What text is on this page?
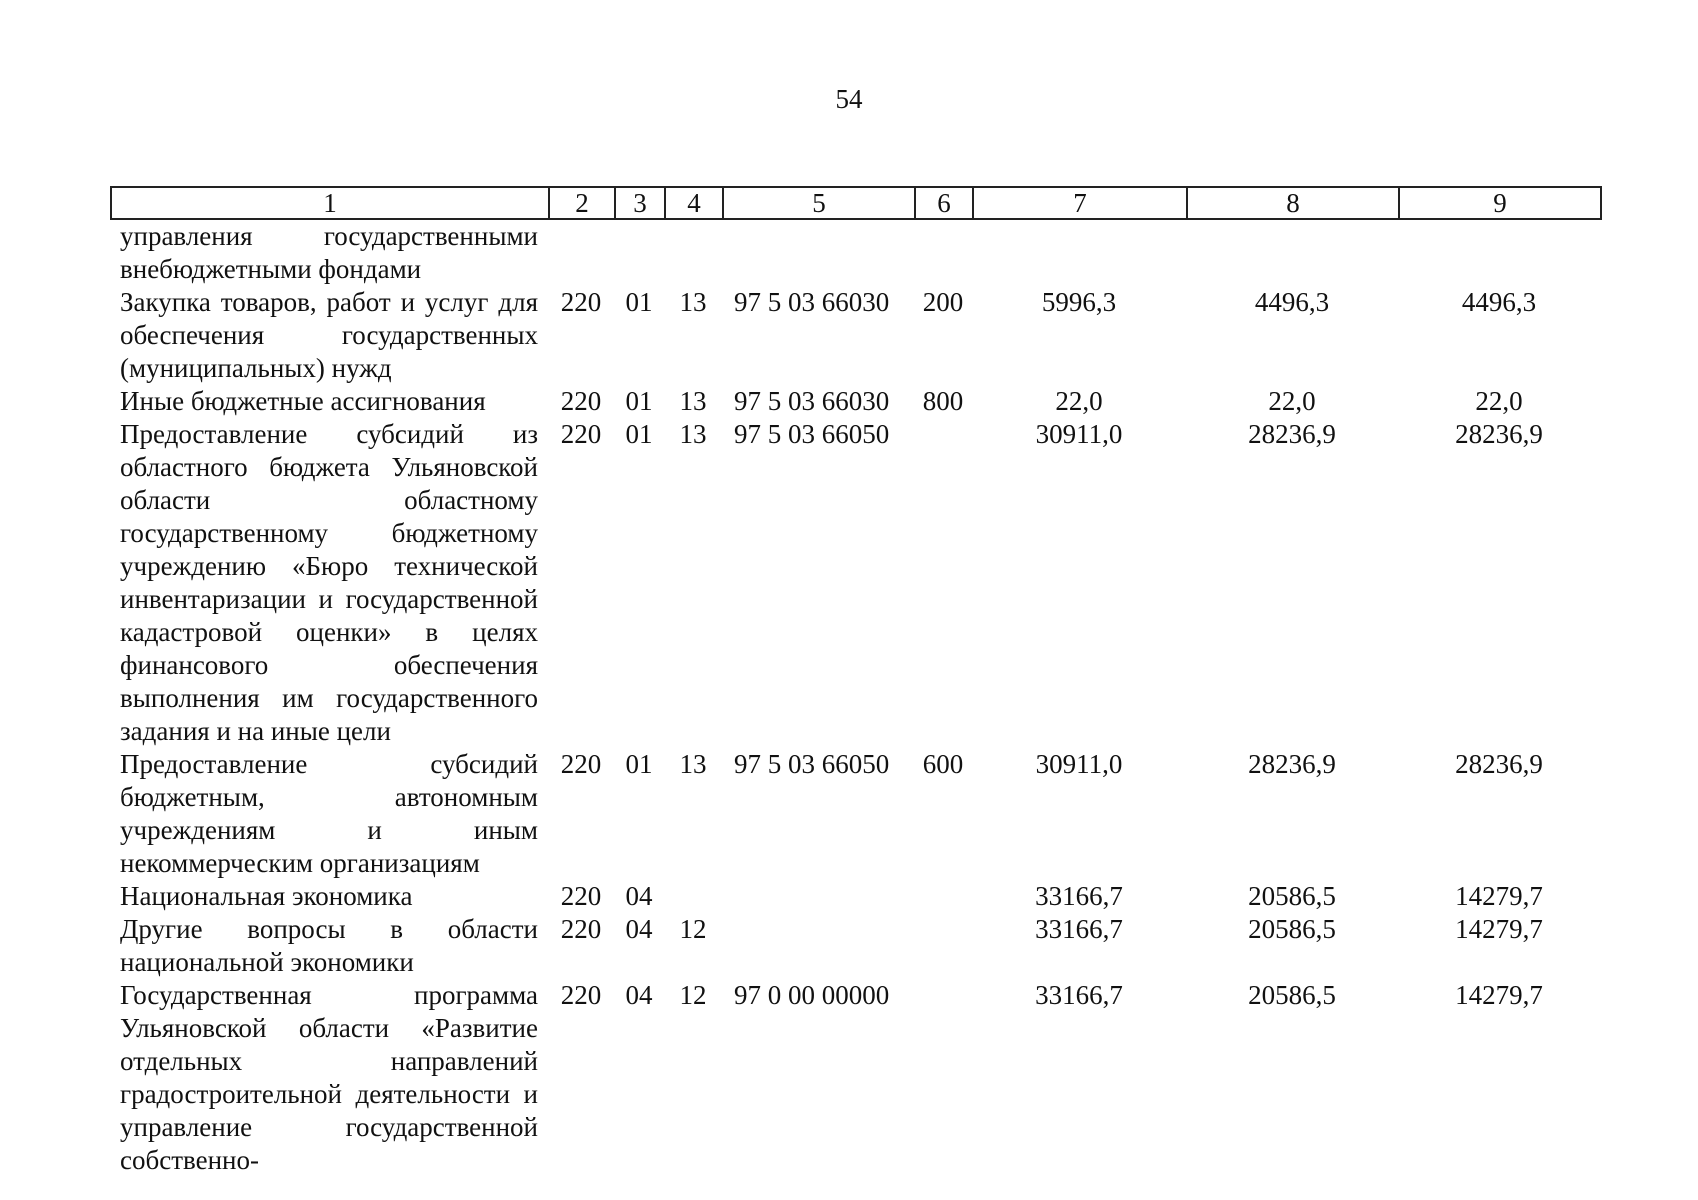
54
1	2	3	4	5	6	7	8	9
управления государственными внебюджетными фондами								
Закупка товаров, работ и услуг для обеспечения государственных (муниципальных) нужд	220	01	13	97 5 03 66030	200	5996,3	4496,3	4496,3
Иные бюджетные ассигнования	220	01	13	97 5 03 66030	800	22,0	22,0	22,0
Предоставление субсидий из областного бюджета Ульяновской области областному государственному бюджетному учреждению «Бюро технической инвентаризации и государственной кадастровой оценки» в целях финансового обеспечения выполнения им государственного задания и на иные цели	220	01	13	97 5 03 66050		30911,0	28236,9	28236,9
Предоставление субсидий бюджетным, автономным учреждениям и иным некоммерческим организациям	220	01	13	97 5 03 66050	600	30911,0	28236,9	28236,9
Национальная экономика	220	04				33166,7	20586,5	14279,7
Другие вопросы в области национальной экономики	220	04	12			33166,7	20586,5	14279,7
Государственная программа Ульяновской области «Развитие отдельных направлений градостроительной деятельности и управление государственной собственно-	220	04	12	97 0 00 00000		33166,7	20586,5	14279,7
